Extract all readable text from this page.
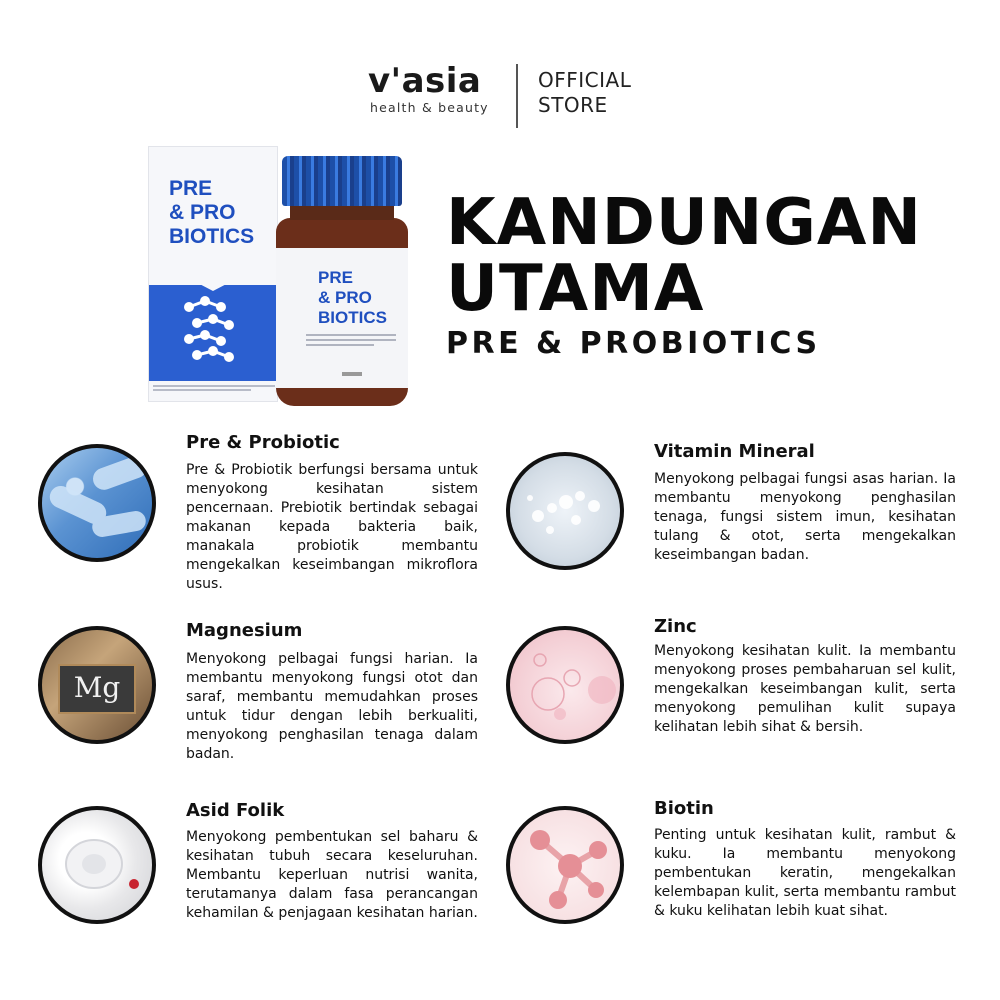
v'asia
health & beauty
OFFICIAL
STORE
PRE
& PRO
BIOTICS
PRE
& PRO
BIOTICS
KANDUNGAN
UTAMA
PRE & PROBIOTICS
Pre & Probiotic
Pre & Probiotik berfungsi bersama untuk menyokong kesihatan sistem pencernaan. Prebiotik bertindak sebagai makanan kepada bakteria baik, manakala probiotik membantu mengekalkan keseimbangan mikroflora usus.
Vitamin Mineral
Menyokong pelbagai fungsi asas harian. Ia membantu menyokong penghasilan tenaga, fungsi sistem imun, kesihatan tulang & otot, serta mengekalkan keseimbangan badan.
Mg
Magnesium
Menyokong pelbagai fungsi harian. Ia membantu menyokong fungsi otot dan saraf, membantu memudahkan proses untuk tidur dengan lebih berkualiti, menyokong penghasilan tenaga dalam badan.
Zinc
Menyokong kesihatan kulit. Ia membantu menyokong proses pembaharuan sel kulit, mengekalkan keseimbangan kulit, serta menyokong pemulihan kulit supaya kelihatan lebih sihat & bersih.
Asid Folik
Menyokong pembentukan sel baharu & kesihatan tubuh secara keseluruhan. Membantu keperluan nutrisi wanita, terutamanya dalam fasa perancangan kehamilan & penjagaan kesihatan harian.
Biotin
Penting untuk kesihatan kulit, rambut & kuku. Ia membantu menyokong pembentukan keratin, mengekalkan kelembapan kulit, serta membantu rambut & kuku kelihatan lebih kuat sihat.
